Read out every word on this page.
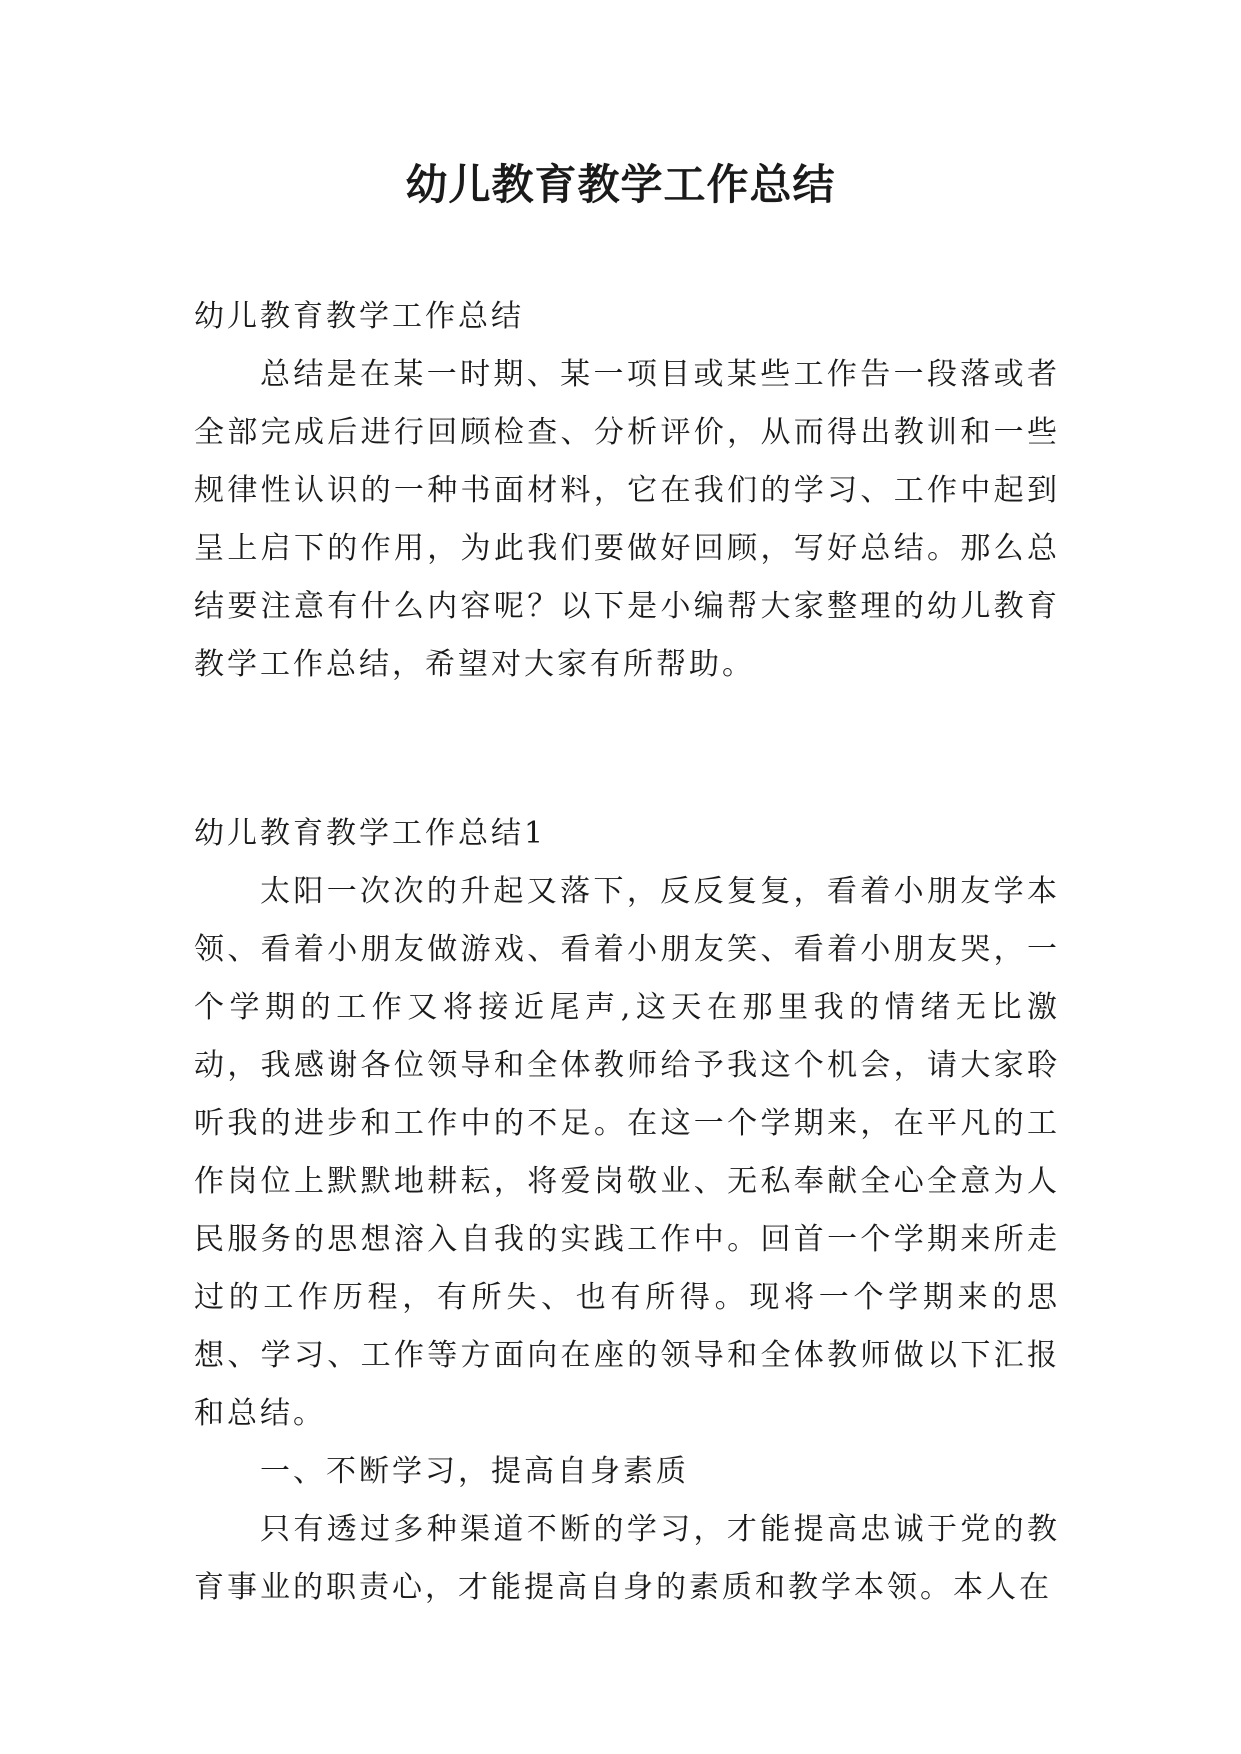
幼儿教育教学工作总结

幼儿教育教学工作总结

总结是在某一时期、某一项目或某些工作告一段落或者全部完成后进行回顾检查、分析评价，从而得出教训和一些规律性认识的一种书面材料，它在我们的学习、工作中起到呈上启下的作用，为此我们要做好回顾，写好总结。那么总结要注意有什么内容呢？以下是小编帮大家整理的幼儿教育教学工作总结，希望对大家有所帮助。

幼儿教育教学工作总结1

太阳一次次的升起又落下，反反复复，看着小朋友学本领、看着小朋友做游戏、看着小朋友笑、看着小朋友哭，一个学期的工作又将接近尾声,这天在那里我的情绪无比激动，我感谢各位领导和全体教师给予我这个机会，请大家聆听我的进步和工作中的不足。在这一个学期来，在平凡的工作岗位上默默地耕耘，将爱岗敬业、无私奉献全心全意为人民服务的思想溶入自我的实践工作中。回首一个学期来所走过的工作历程，有所失、也有所得。现将一个学期来的思想、学习、工作等方面向在座的领导和全体教师做以下汇报和总结。

一、不断学习，提高自身素质

只有透过多种渠道不断的学习，才能提高忠诚于党的教育事业的职责心，才能提高自身的素质和教学本领。本人在
